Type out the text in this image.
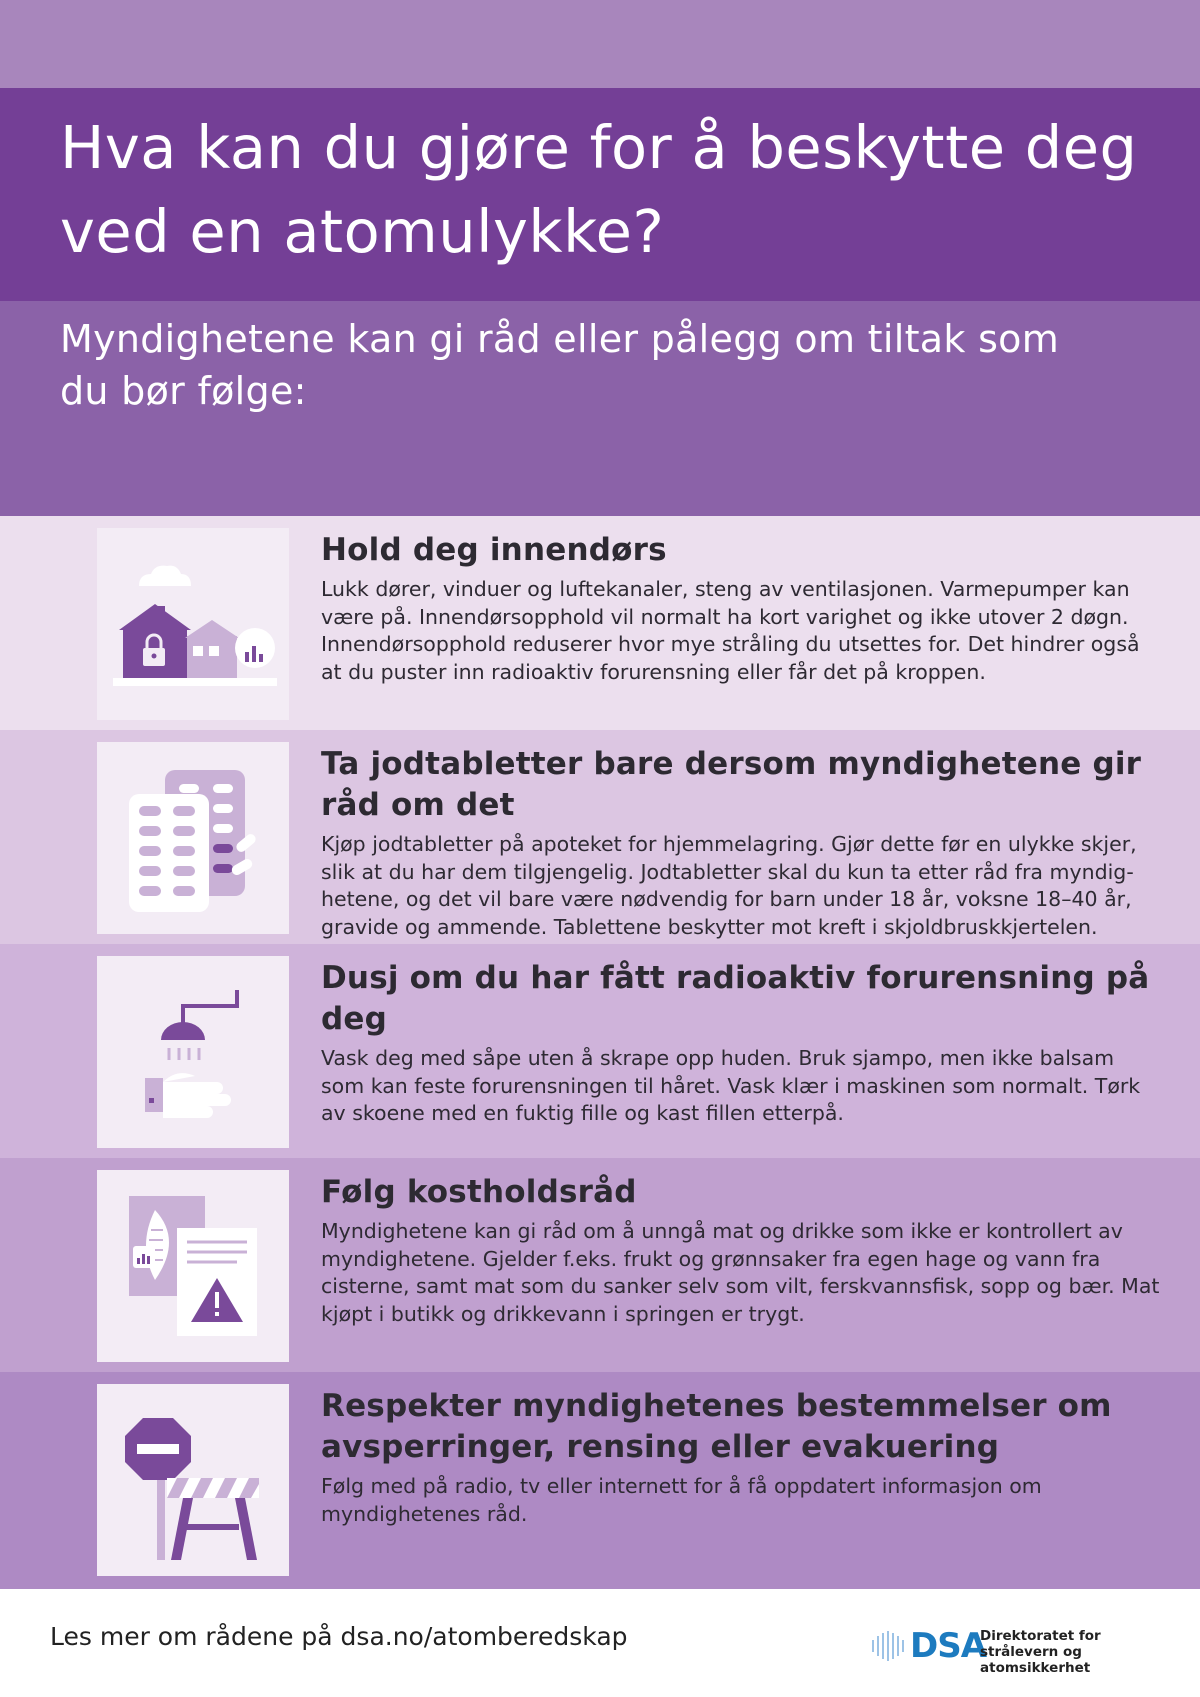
Hva kan du gjøre for å beskytte deg ved en atomulykke?

Myndighetene kan gi råd eller pålegg om tiltak som du bør følge:

Hold deg innendørs

Lukk dører, vinduer og luftekanaler, steng av ventilasjonen. Varmepumper kan være på. Innendørsopphold vil normalt ha kort varighet og ikke utover 2 døgn. Innendørsopphold reduserer hvor mye stråling du utsettes for. Det hindrer også at du puster inn radioaktiv forurensning eller får det på kroppen.

Ta jodtabletter bare dersom myndighetene gir råd om det

Kjøp jodtabletter på apoteket for hjemmelagring. Gjør dette før en ulykke skjer, slik at du har dem tilgjengelig. Jodtabletter skal du kun ta etter råd fra myndig-hetene, og det vil bare være nødvendig for barn under 18 år, voksne 18–40 år, gravide og ammende. Tablettene beskytter mot kreft i skjoldbruskkjertelen.

Dusj om du har fått radioaktiv forurensning på deg

Vask deg med såpe uten å skrape opp huden. Bruk sjampo, men ikke balsam som kan feste forurensningen til håret. Vask klær i maskinen som normalt. Tørk av skoene med en fuktig fille og kast fillen etterpå.

Følg kostholdsråd

Myndighetene kan gi råd om å unngå mat og drikke som ikke er kontrollert av myndighetene. Gjelder f.eks. frukt og grønnsaker fra egen hage og vann fra cisterne, samt mat som du sanker selv som vilt, ferskvannsfisk, sopp og bær. Mat kjøpt i butikk og drikkevann i springen er trygt.

Respekter myndighetenes bestemmelser om avsperringer, rensing eller evakuering

Følg med på radio, tv eller internett for å få oppdatert informasjon om myndighetenes råd.

Les mer om rådene på dsa.no/atomberedskap	DSA
Direktoratet for
strålevern og atomsikkerhet
